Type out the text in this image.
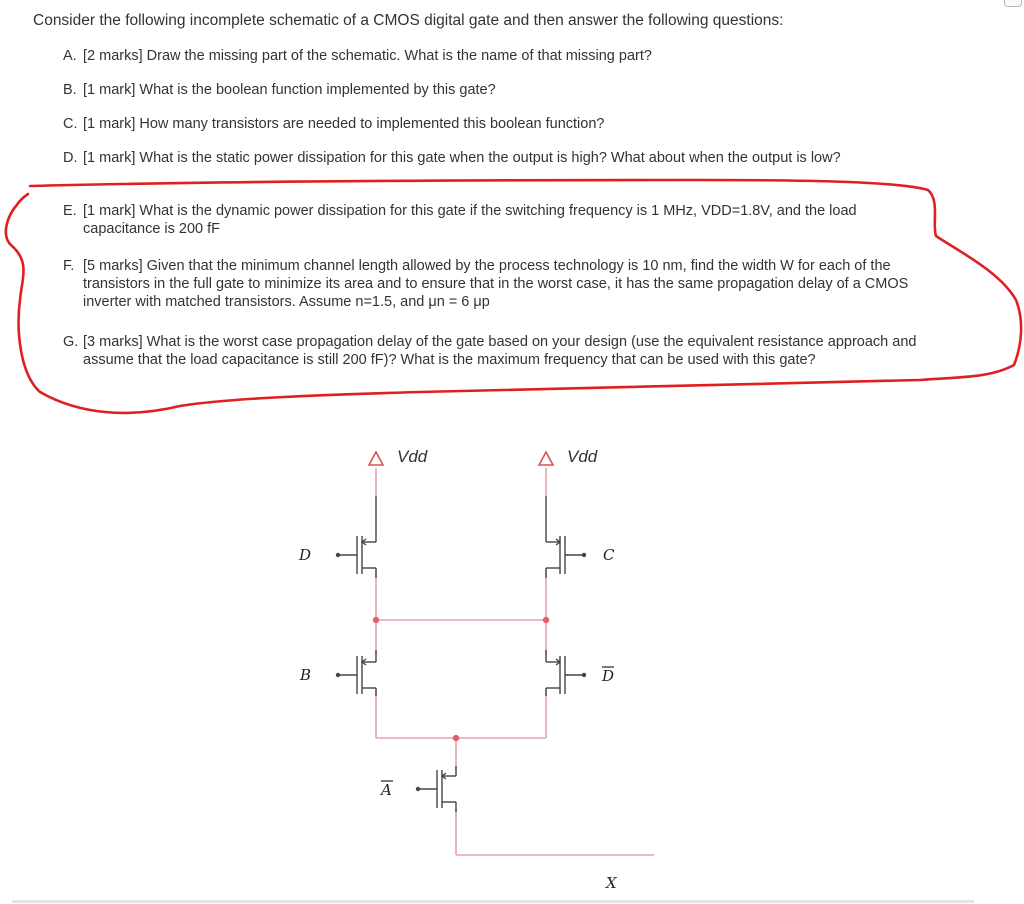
Consider the following incomplete schematic of a CMOS digital gate and then answer the following questions:

A. [2 marks] Draw the missing part of the schematic. What is the name of that missing part?
B. [1 mark] What is the boolean function implemented by this gate?
C. [1 mark] How many transistors are needed to implemented this boolean function?
D. [1 mark] What is the static power dissipation for this gate when the output is high? What about when the output is low?
E. [1 mark] What is the dynamic power dissipation for this gate if the switching frequency is 1 MHz, VDD=1.8V, and the load capacitance is 200 fF
F. [5 marks] Given that the minimum channel length allowed by the process technology is 10 nm, find the width W for each of the transistors in the full gate to minimize its area and to ensure that in the worst case, it has the same propagation delay of a CMOS inverter with matched transistors. Assume n=1.5, and μn = 6 μp
G. [3 marks] What is the worst case propagation delay of the gate based on your design (use the equivalent resistance approach and assume that the load capacitance is still 200 fF)? What is the maximum frequency that can be used with this gate?
Vdd	Vdd
D	C
B	D
A
X
